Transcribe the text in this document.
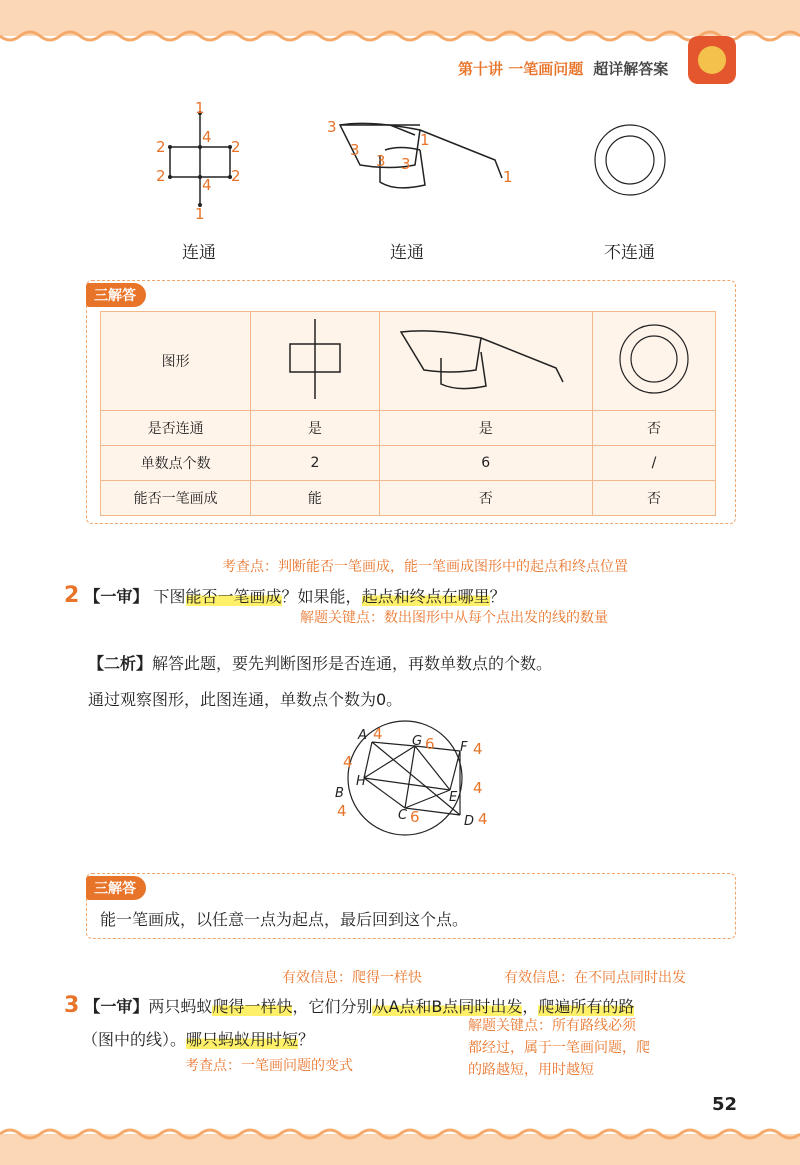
第十讲 一笔画问题 超详解答案
1
4
2	2
2	2
4
1
3
3
3 3
1
1
连通	连通	不连通
三解答
图形			
是否连通	是	是	否
单数点个数	2	6	/
能否一笔画成	能	否	否
考查点：判断能否一笔画成，能一笔画成图形中的起点和终点位置
2 【一审】 下图能否一笔画成？如果能，起点和终点在哪里？
解题关键点：数出图形中从每个点出发的线的数量
【二析】解答此题，要先判断图形是否连通，再数单数点的个数。
通过观察图形，此图连通，单数点个数为0。
A	G	F
H
B	E
C	D
4
6	4
4
4
4
6	4
三解答
能一笔画成，以任意一点为起点，最后回到这个点。
有效信息：爬得一样快	有效信息：在不同点同时出发
3 【一审】两只蚂蚁爬得一样快，它们分别从A点和B点同时出发，爬遍所有的路
（图中的线）。哪只蚂蚁用时短？
解题关键点：所有路线必须
都经过，属于一笔画问题，爬
的路越短，用时越短
考查点：一笔画问题的变式
52
